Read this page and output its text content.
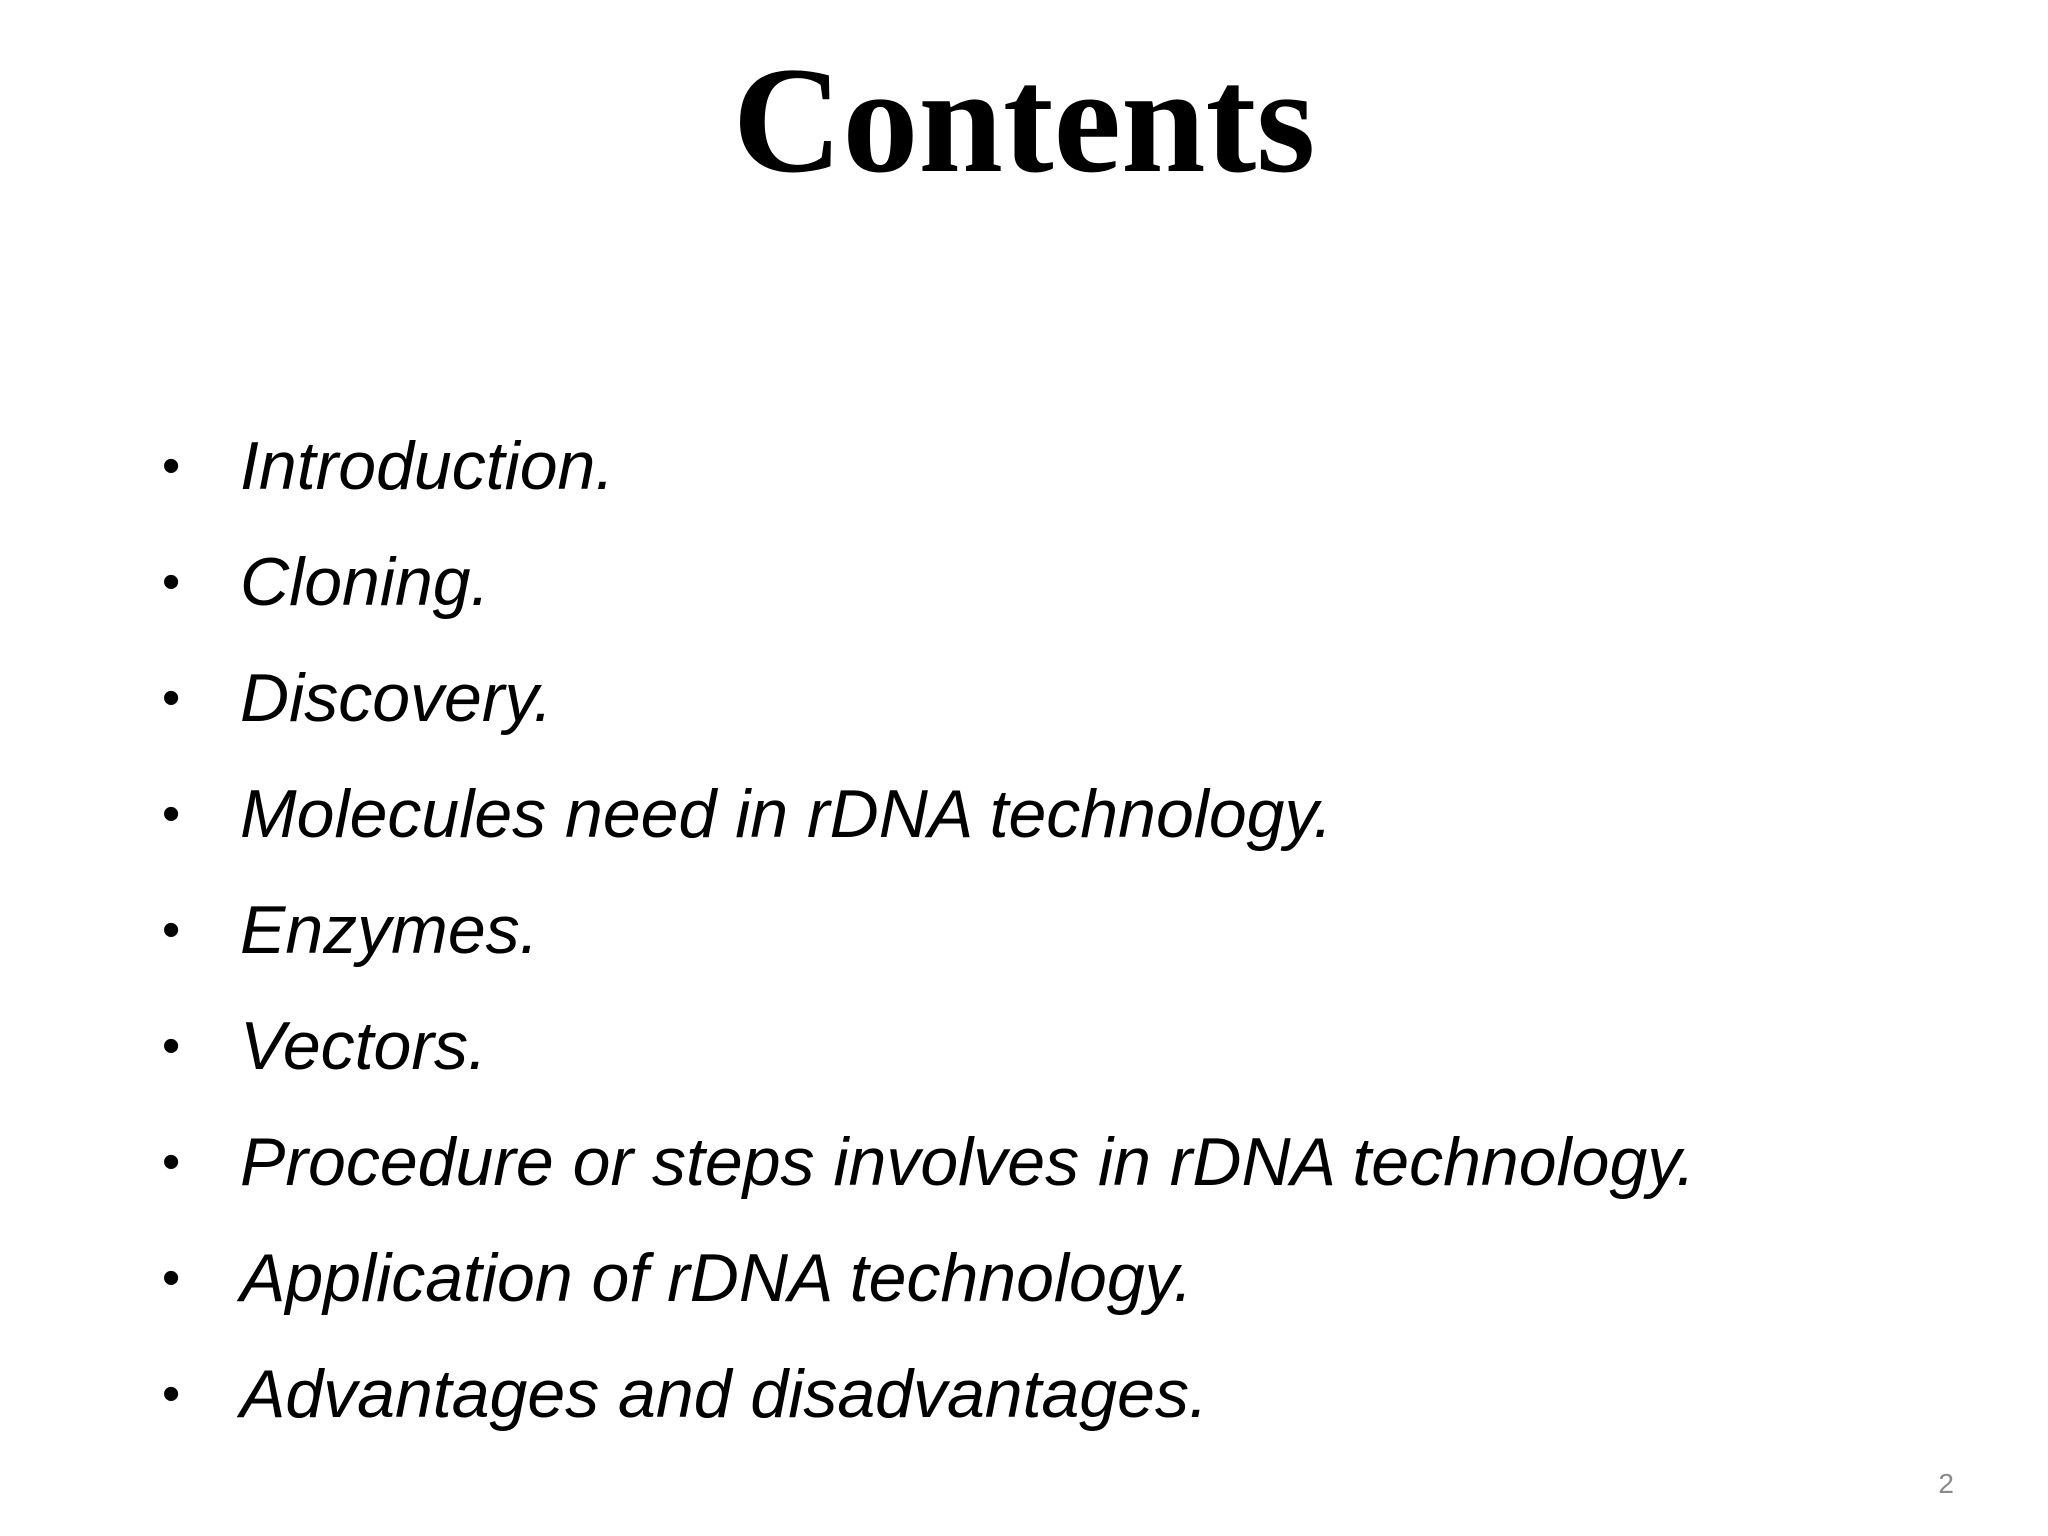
Contents
• Introduction.
• Cloning.
• Discovery.
• Molecules need in rDNA technology.
• Enzymes.
• Vectors.
• Procedure or steps involves in rDNA technology.
• Application of rDNA technology.
• Advantages and disadvantages.
2
